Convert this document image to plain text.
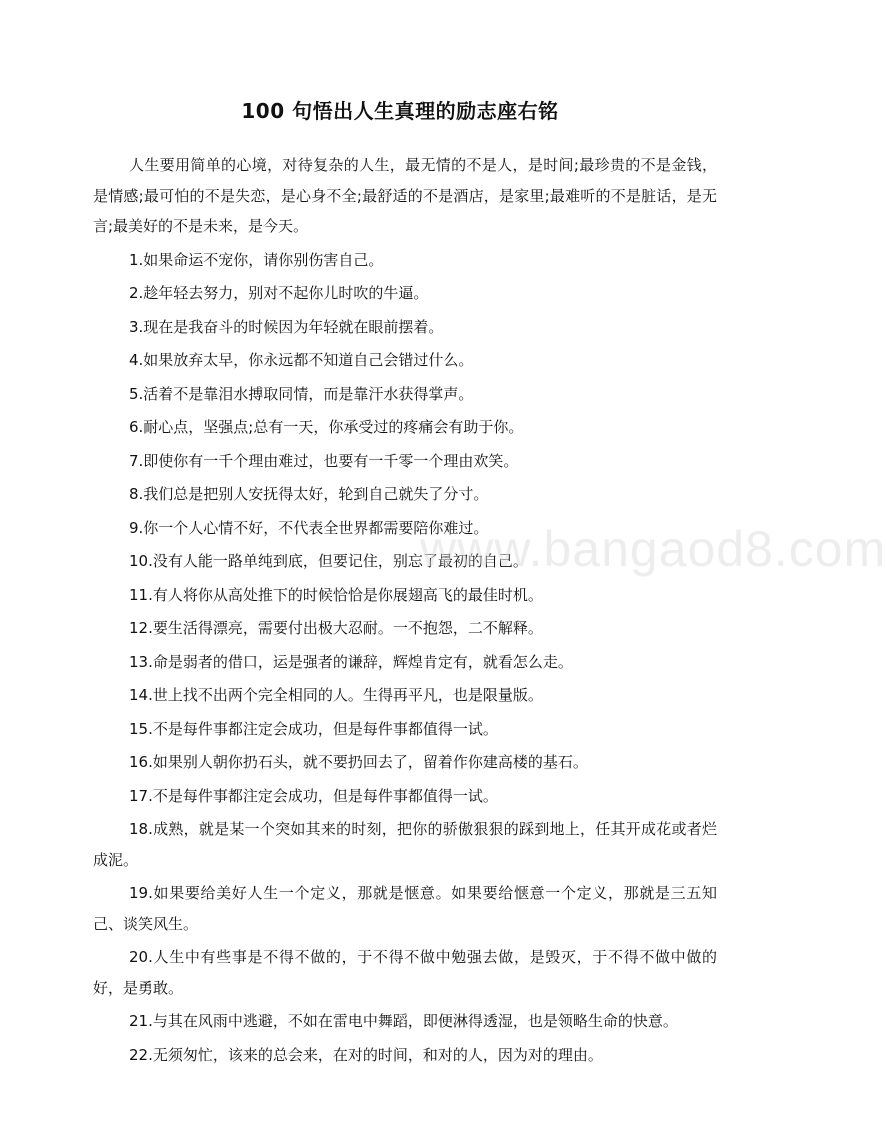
100 句悟出人生真理的励志座右铭

人生要用简单的心境，对待复杂的人生，最无情的不是人，是时间;最珍贵的不是金钱，是情感;最可怕的不是失恋，是心身不全;最舒适的不是酒店，是家里;最难听的不是脏话，是无言;最美好的不是未来，是今天。

1.如果命运不宠你，请你别伤害自己。

2.趁年轻去努力，别对不起你儿时吹的牛逼。

3.现在是我奋斗的时候因为年轻就在眼前摆着。

4.如果放弃太早，你永远都不知道自己会错过什么。

5.活着不是靠泪水搏取同情，而是靠汗水获得掌声。

6.耐心点，坚强点;总有一天，你承受过的疼痛会有助于你。

7.即使你有一千个理由难过，也要有一千零一个理由欢笑。

8.我们总是把别人安抚得太好，轮到自己就失了分寸。

9.你一个人心情不好，不代表全世界都需要陪你难过。

10.没有人能一路单纯到底，但要记住，别忘了最初的自己。

11.有人将你从高处推下的时候恰恰是你展翅高飞的最佳时机。

12.要生活得漂亮，需要付出极大忍耐。一不抱怨，二不解释。

13.命是弱者的借口，运是强者的谦辞，辉煌肯定有，就看怎么走。

14.世上找不出两个完全相同的人。生得再平凡，也是限量版。

15.不是每件事都注定会成功，但是每件事都值得一试。

16.如果别人朝你扔石头，就不要扔回去了，留着作你建高楼的基石。

17.不是每件事都注定会成功，但是每件事都值得一试。

18.成熟，就是某一个突如其来的时刻，把你的骄傲狠狠的踩到地上，任其开成花或者烂成泥。

19.如果要给美好人生一个定义，那就是惬意。如果要给惬意一个定义，那就是三五知己、谈笑风生。

20.人生中有些事是不得不做的，于不得不做中勉强去做，是毁灭，于不得不做中做的好，是勇敢。

21.与其在风雨中逃避，不如在雷电中舞蹈，即便淋得透湿，也是领略生命的快意。

22.无须匆忙，该来的总会来，在对的时间，和对的人，因为对的理由。

www.bangaod8.com
